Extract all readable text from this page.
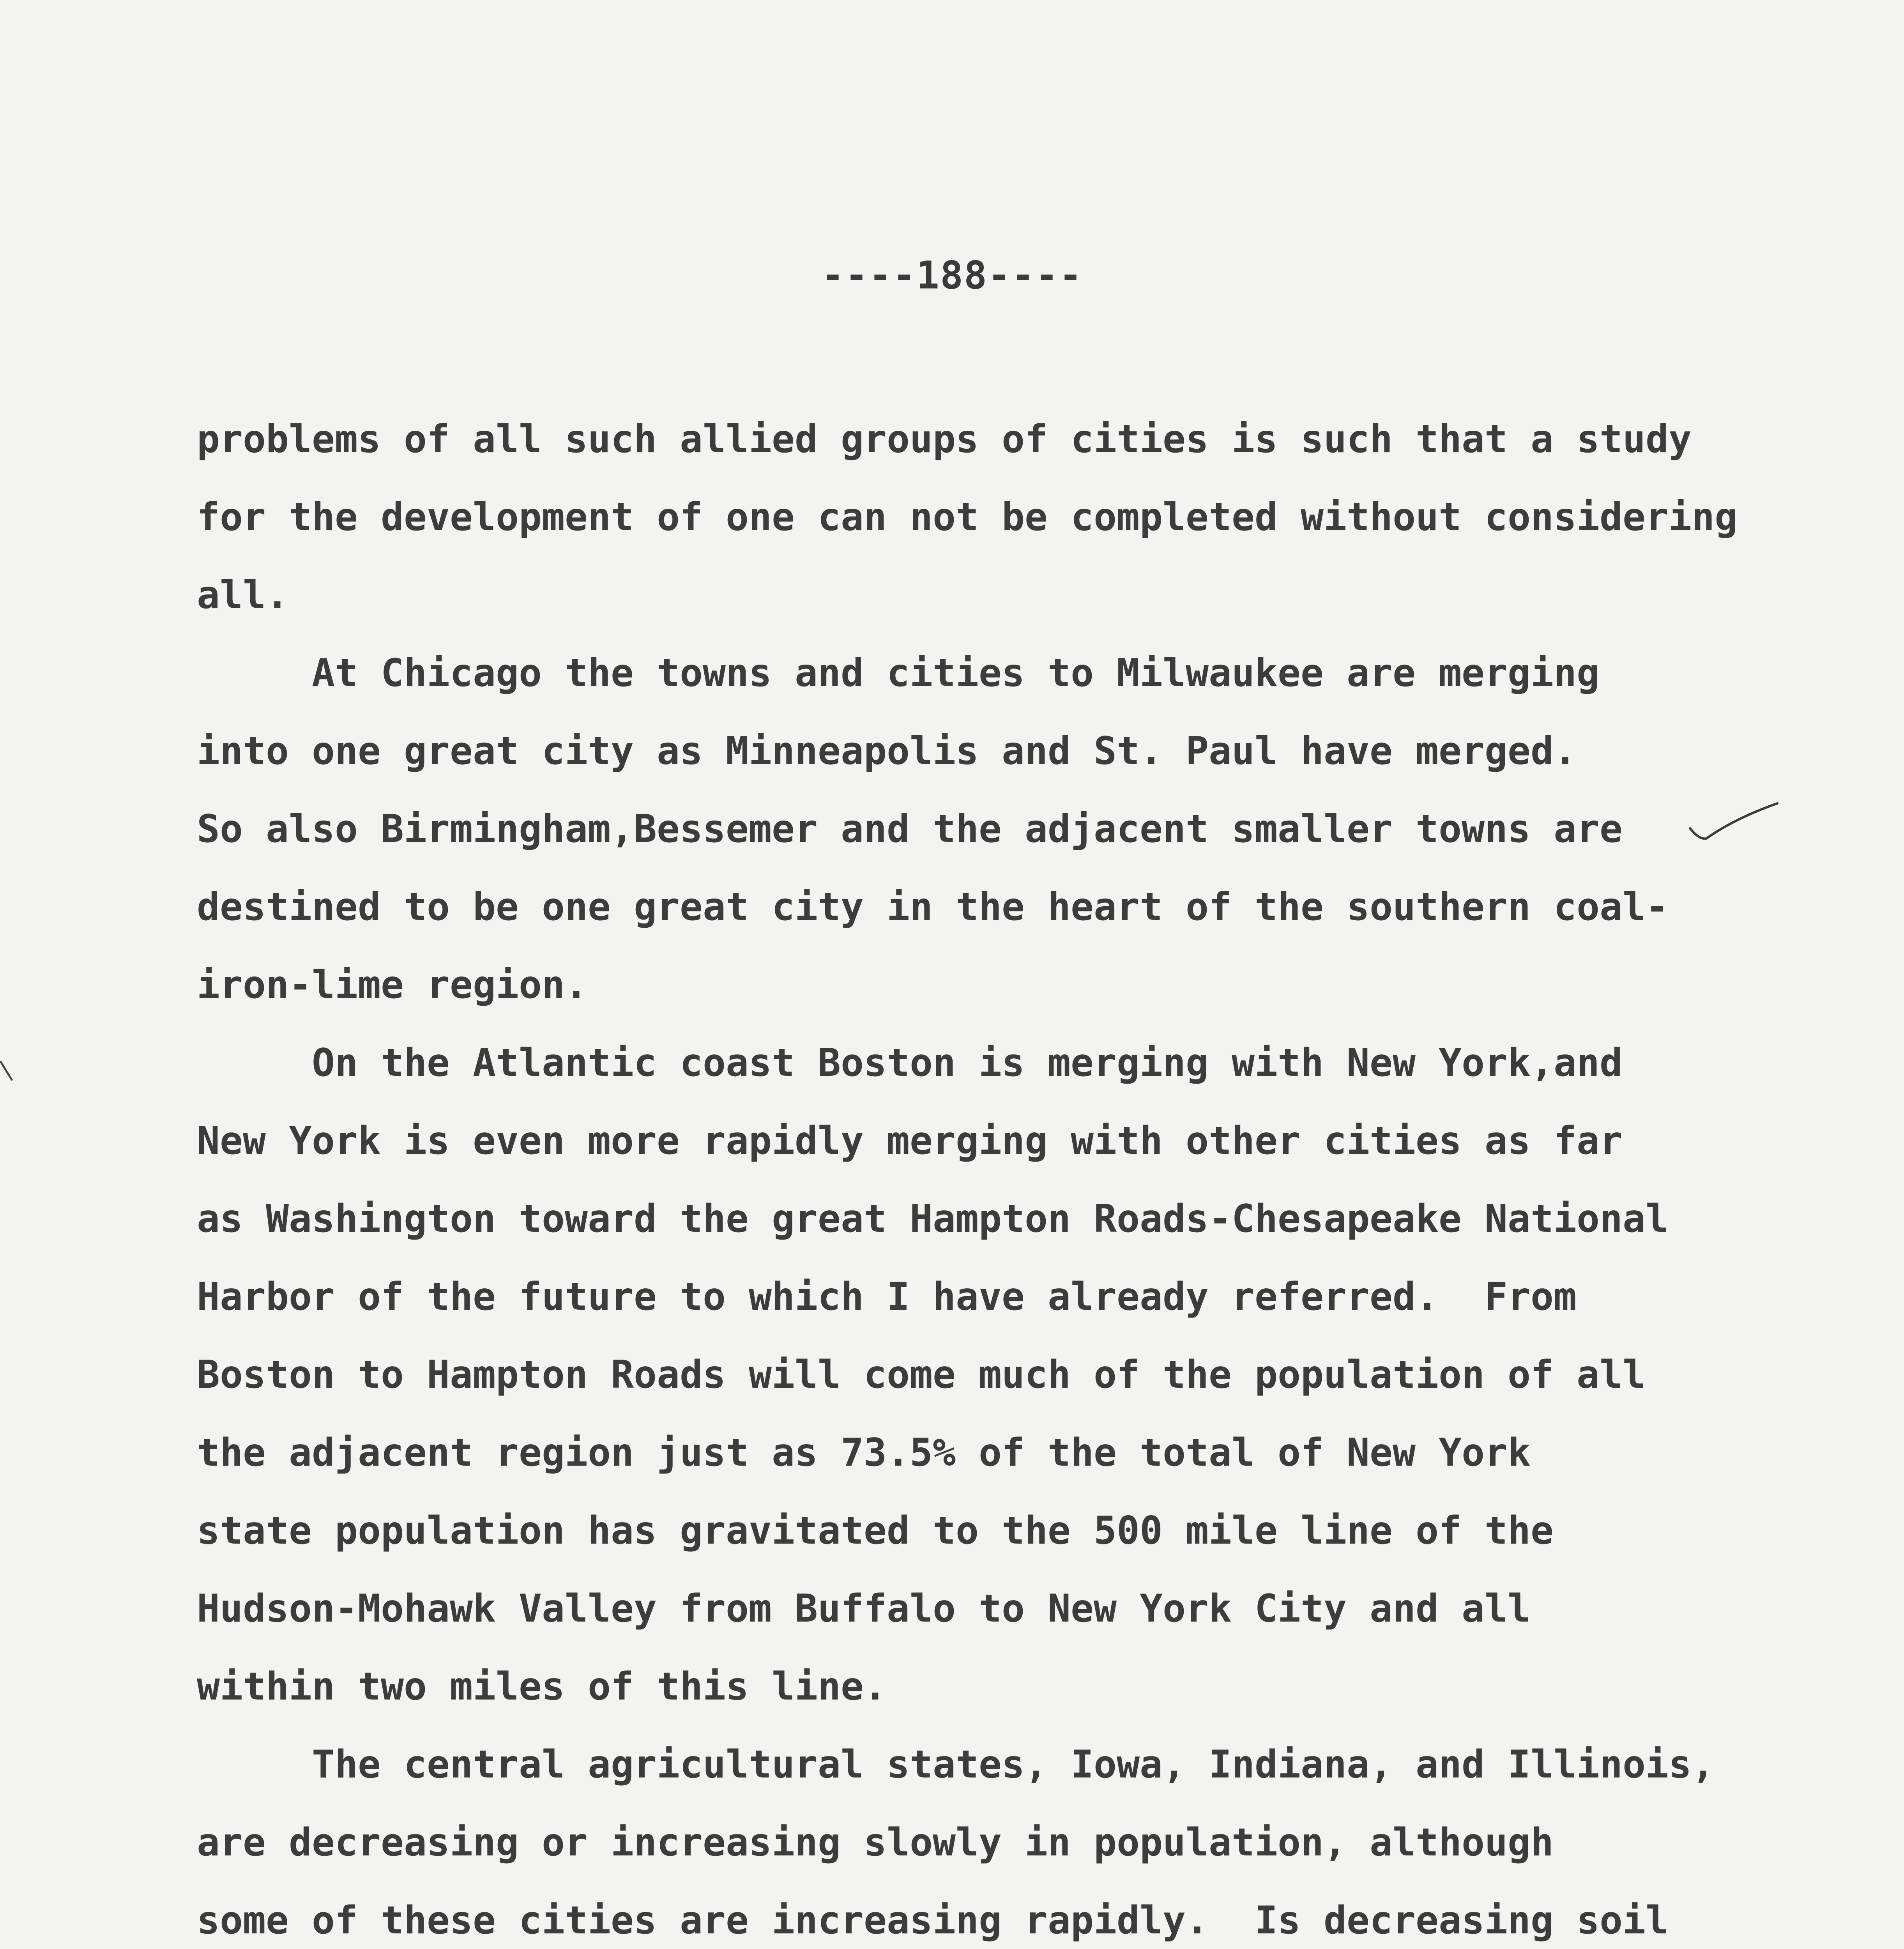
----188----

problems of all such allied groups of cities is such that a study

for the development of one can not be completed without considering

all.

At Chicago the towns and cities to Milwaukee are merging

into one great city as Minneapolis and St. Paul have merged.

So also Birmingham,Bessemer and the adjacent smaller towns are

destined to be one great city in the heart of the southern coal-

iron-lime region.

On the Atlantic coast Boston is merging with New York,and

New York is even more rapidly merging with other cities as far

as Washington toward the great Hampton Roads-Chesapeake National

Harbor of the future to which I have already referred.  From

Boston to Hampton Roads will come much of the population of all

the adjacent region just as 73.5% of the total of New York

state population has gravitated to the 500 mile line of the

Hudson-Mohawk Valley from Buffalo to New York City and all

within two miles of this line.

The central agricultural states, Iowa, Indiana, and Illinois,

are decreasing or increasing slowly in population, although

some of these cities are increasing rapidly.  Is decreasing soil
